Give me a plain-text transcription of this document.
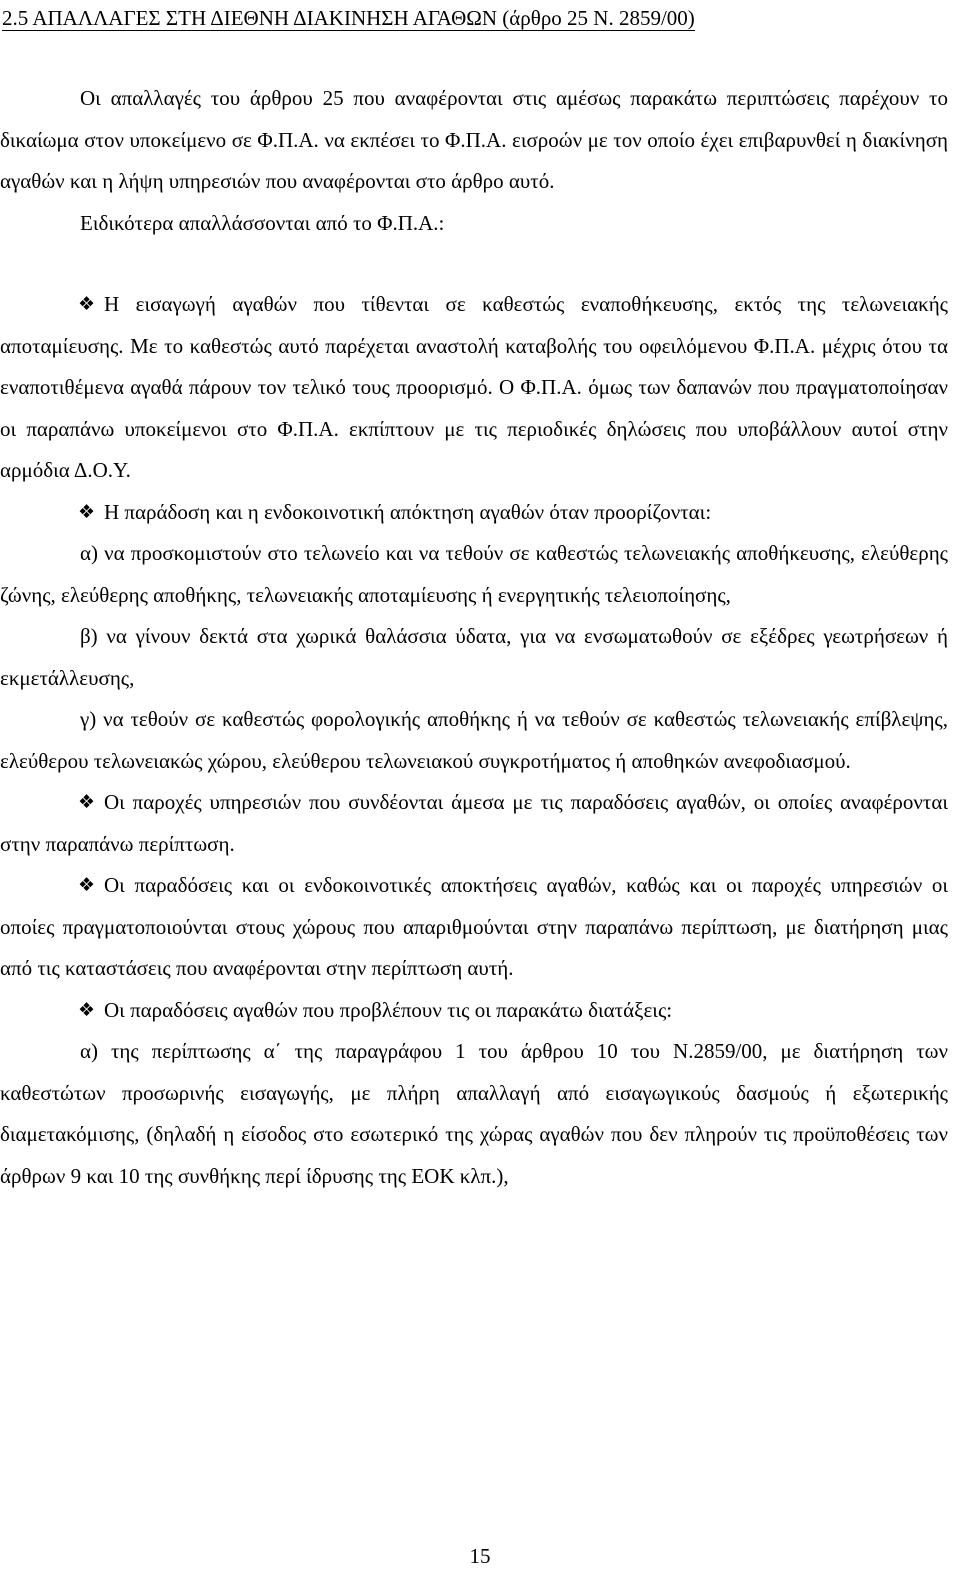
2.5 ΑΠΑΛΛΑΓΕΣ ΣΤΗ ΔΙΕΘΝΗ ΔΙΑΚΙΝΗΣΗ ΑΓΑΘΩΝ (άρθρο 25 Ν. 2859/00)

Οι απαλλαγές του άρθρου 25 που αναφέρονται στις αμέσως παρακάτω περιπτώσεις παρέχουν το δικαίωμα στον υποκείμενο σε Φ.Π.Α. να εκπέσει το Φ.Π.Α. εισροών με τον οποίο έχει επιβαρυνθεί η διακίνηση αγαθών και η λήψη υπηρεσιών που αναφέρονται στο άρθρο αυτό.

Ειδικότερα απαλλάσσονται από το Φ.Π.Α.:

❖ Η εισαγωγή αγαθών που τίθενται σε καθεστώς εναποθήκευσης, εκτός της τελωνειακής αποταμίευσης. Με το καθεστώς αυτό παρέχεται αναστολή καταβολής του οφειλόμενου Φ.Π.Α. μέχρις ότου τα εναποτιθέμενα αγαθά πάρουν τον τελικό τους προορισμό. Ο Φ.Π.Α. όμως των δαπανών που πραγματοποίησαν οι παραπάνω υποκείμενοι στο Φ.Π.Α. εκπίπτουν με τις περιοδικές δηλώσεις που υποβάλλουν αυτοί στην αρμόδια Δ.Ο.Υ.

❖ Η παράδοση και η ενδοκοινοτική απόκτηση αγαθών όταν προορίζονται:

α) να προσκομιστούν στο τελωνείο και να τεθούν σε καθεστώς τελωνειακής αποθήκευσης, ελεύθερης ζώνης, ελεύθερης αποθήκης, τελωνειακής αποταμίευσης ή ενεργητικής τελειοποίησης,

β) να γίνουν δεκτά στα χωρικά θαλάσσια ύδατα, για να ενσωματωθούν σε εξέδρες γεωτρήσεων ή εκμετάλλευσης,

γ) να τεθούν σε καθεστώς φορολογικής αποθήκης ή να τεθούν σε καθεστώς τελωνειακής επίβλεψης, ελεύθερου τελωνειακώς χώρου, ελεύθερου τελωνειακού συγκροτήματος ή αποθηκών ανεφοδιασμού.

❖ Οι παροχές υπηρεσιών που συνδέονται άμεσα με τις παραδόσεις αγαθών, οι οποίες αναφέρονται στην παραπάνω περίπτωση.

❖ Οι παραδόσεις και οι ενδοκοινοτικές αποκτήσεις αγαθών, καθώς και οι παροχές υπηρεσιών οι οποίες πραγματοποιούνται στους χώρους που απαριθμούνται στην παραπάνω περίπτωση, με διατήρηση μιας από τις καταστάσεις που αναφέρονται στην περίπτωση αυτή.

❖ Οι παραδόσεις αγαθών που προβλέπουν τις οι παρακάτω διατάξεις:

α) της περίπτωσης α΄ της παραγράφου 1 του άρθρου 10 του Ν.2859/00, με διατήρηση των καθεστώτων προσωρινής εισαγωγής, με πλήρη απαλλαγή από εισαγωγικούς δασμούς ή εξωτερικής διαμετακόμισης, (δηλαδή η είσοδος στο εσωτερικό της χώρας αγαθών που δεν πληρούν τις προϋποθέσεις των άρθρων 9 και 10 της συνθήκης περί ίδρυσης της ΕΟΚ κλπ.),

15
